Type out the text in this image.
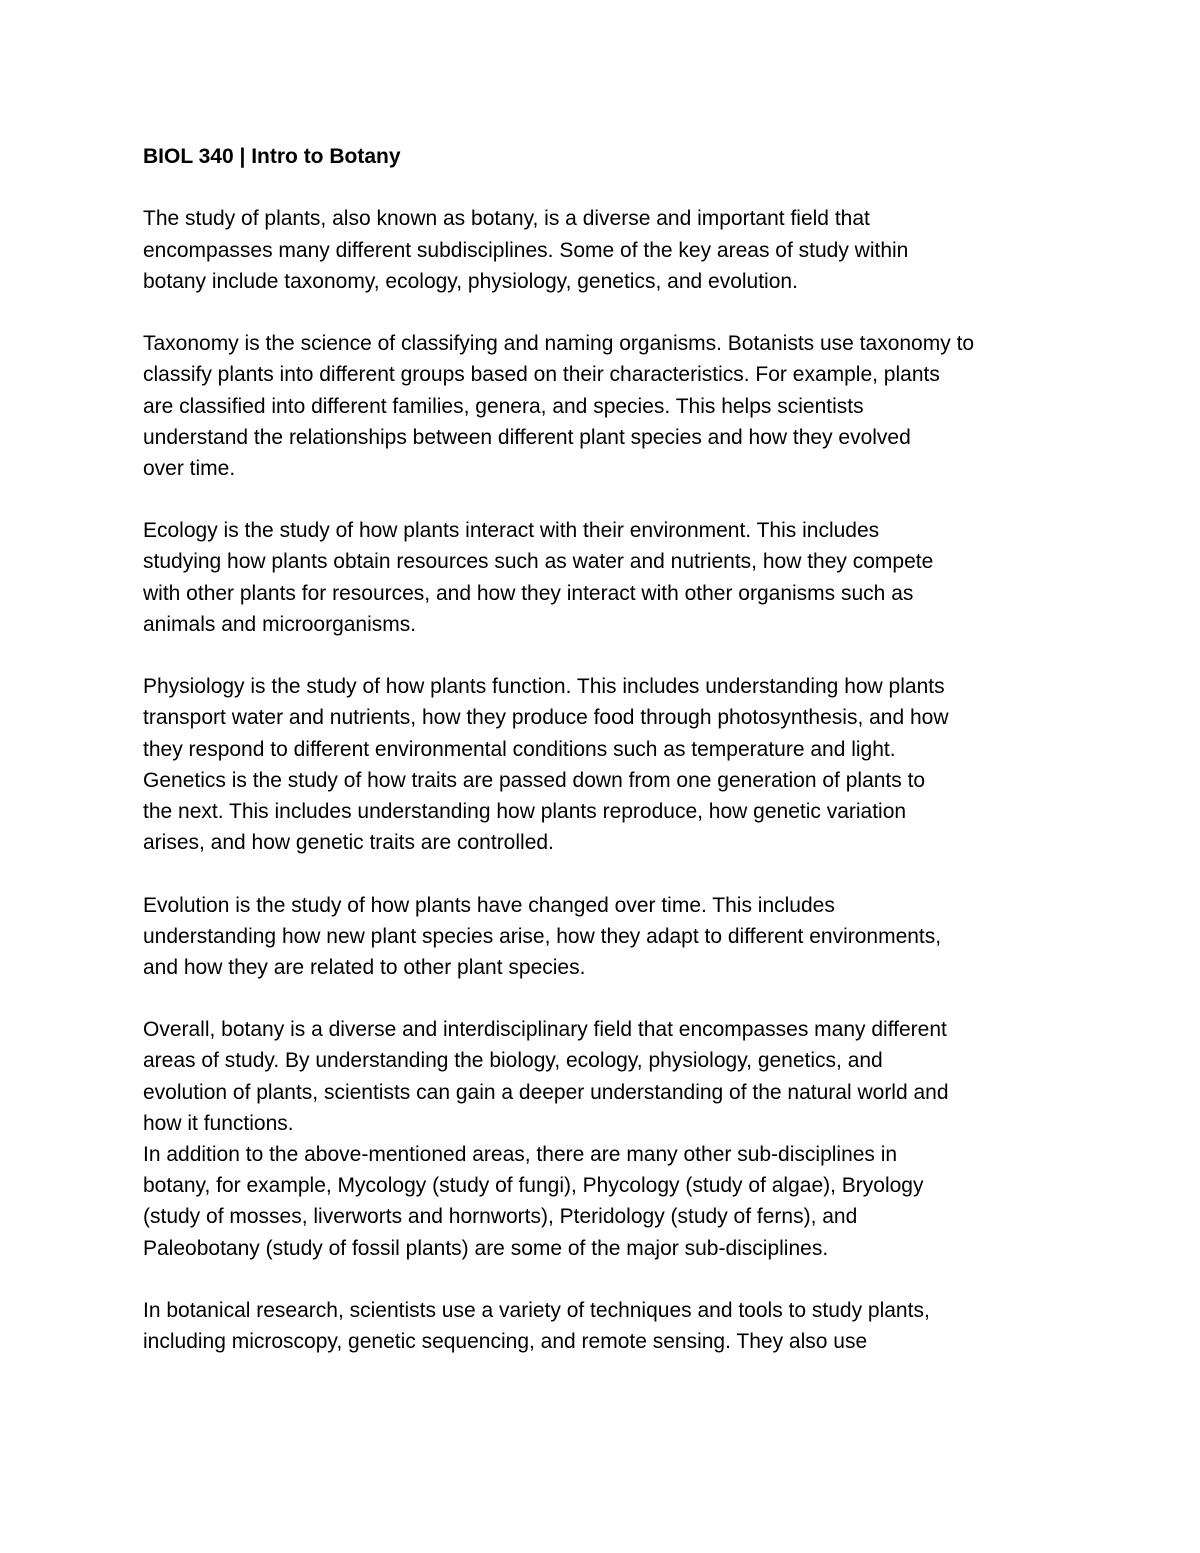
BIOL 340 | Intro to Botany
The study of plants, also known as botany, is a diverse and important field that
encompasses many different subdisciplines. Some of the key areas of study within
botany include taxonomy, ecology, physiology, genetics, and evolution.
Taxonomy is the science of classifying and naming organisms. Botanists use taxonomy to
classify plants into different groups based on their characteristics. For example, plants
are classified into different families, genera, and species. This helps scientists
understand the relationships between different plant species and how they evolved
over time.
Ecology is the study of how plants interact with their environment. This includes
studying how plants obtain resources such as water and nutrients, how they compete
with other plants for resources, and how they interact with other organisms such as
animals and microorganisms.
Physiology is the study of how plants function. This includes understanding how plants
transport water and nutrients, how they produce food through photosynthesis, and how
they respond to different environmental conditions such as temperature and light.
Genetics is the study of how traits are passed down from one generation of plants to
the next. This includes understanding how plants reproduce, how genetic variation
arises, and how genetic traits are controlled.
Evolution is the study of how plants have changed over time. This includes
understanding how new plant species arise, how they adapt to different environments,
and how they are related to other plant species.
Overall, botany is a diverse and interdisciplinary field that encompasses many different
areas of study. By understanding the biology, ecology, physiology, genetics, and
evolution of plants, scientists can gain a deeper understanding of the natural world and
how it functions.
In addition to the above-mentioned areas, there are many other sub-disciplines in
botany, for example, Mycology (study of fungi), Phycology (study of algae), Bryology
(study of mosses, liverworts and hornworts), Pteridology (study of ferns), and
Paleobotany (study of fossil plants) are some of the major sub-disciplines.
In botanical research, scientists use a variety of techniques and tools to study plants,
including microscopy, genetic sequencing, and remote sensing. They also use
